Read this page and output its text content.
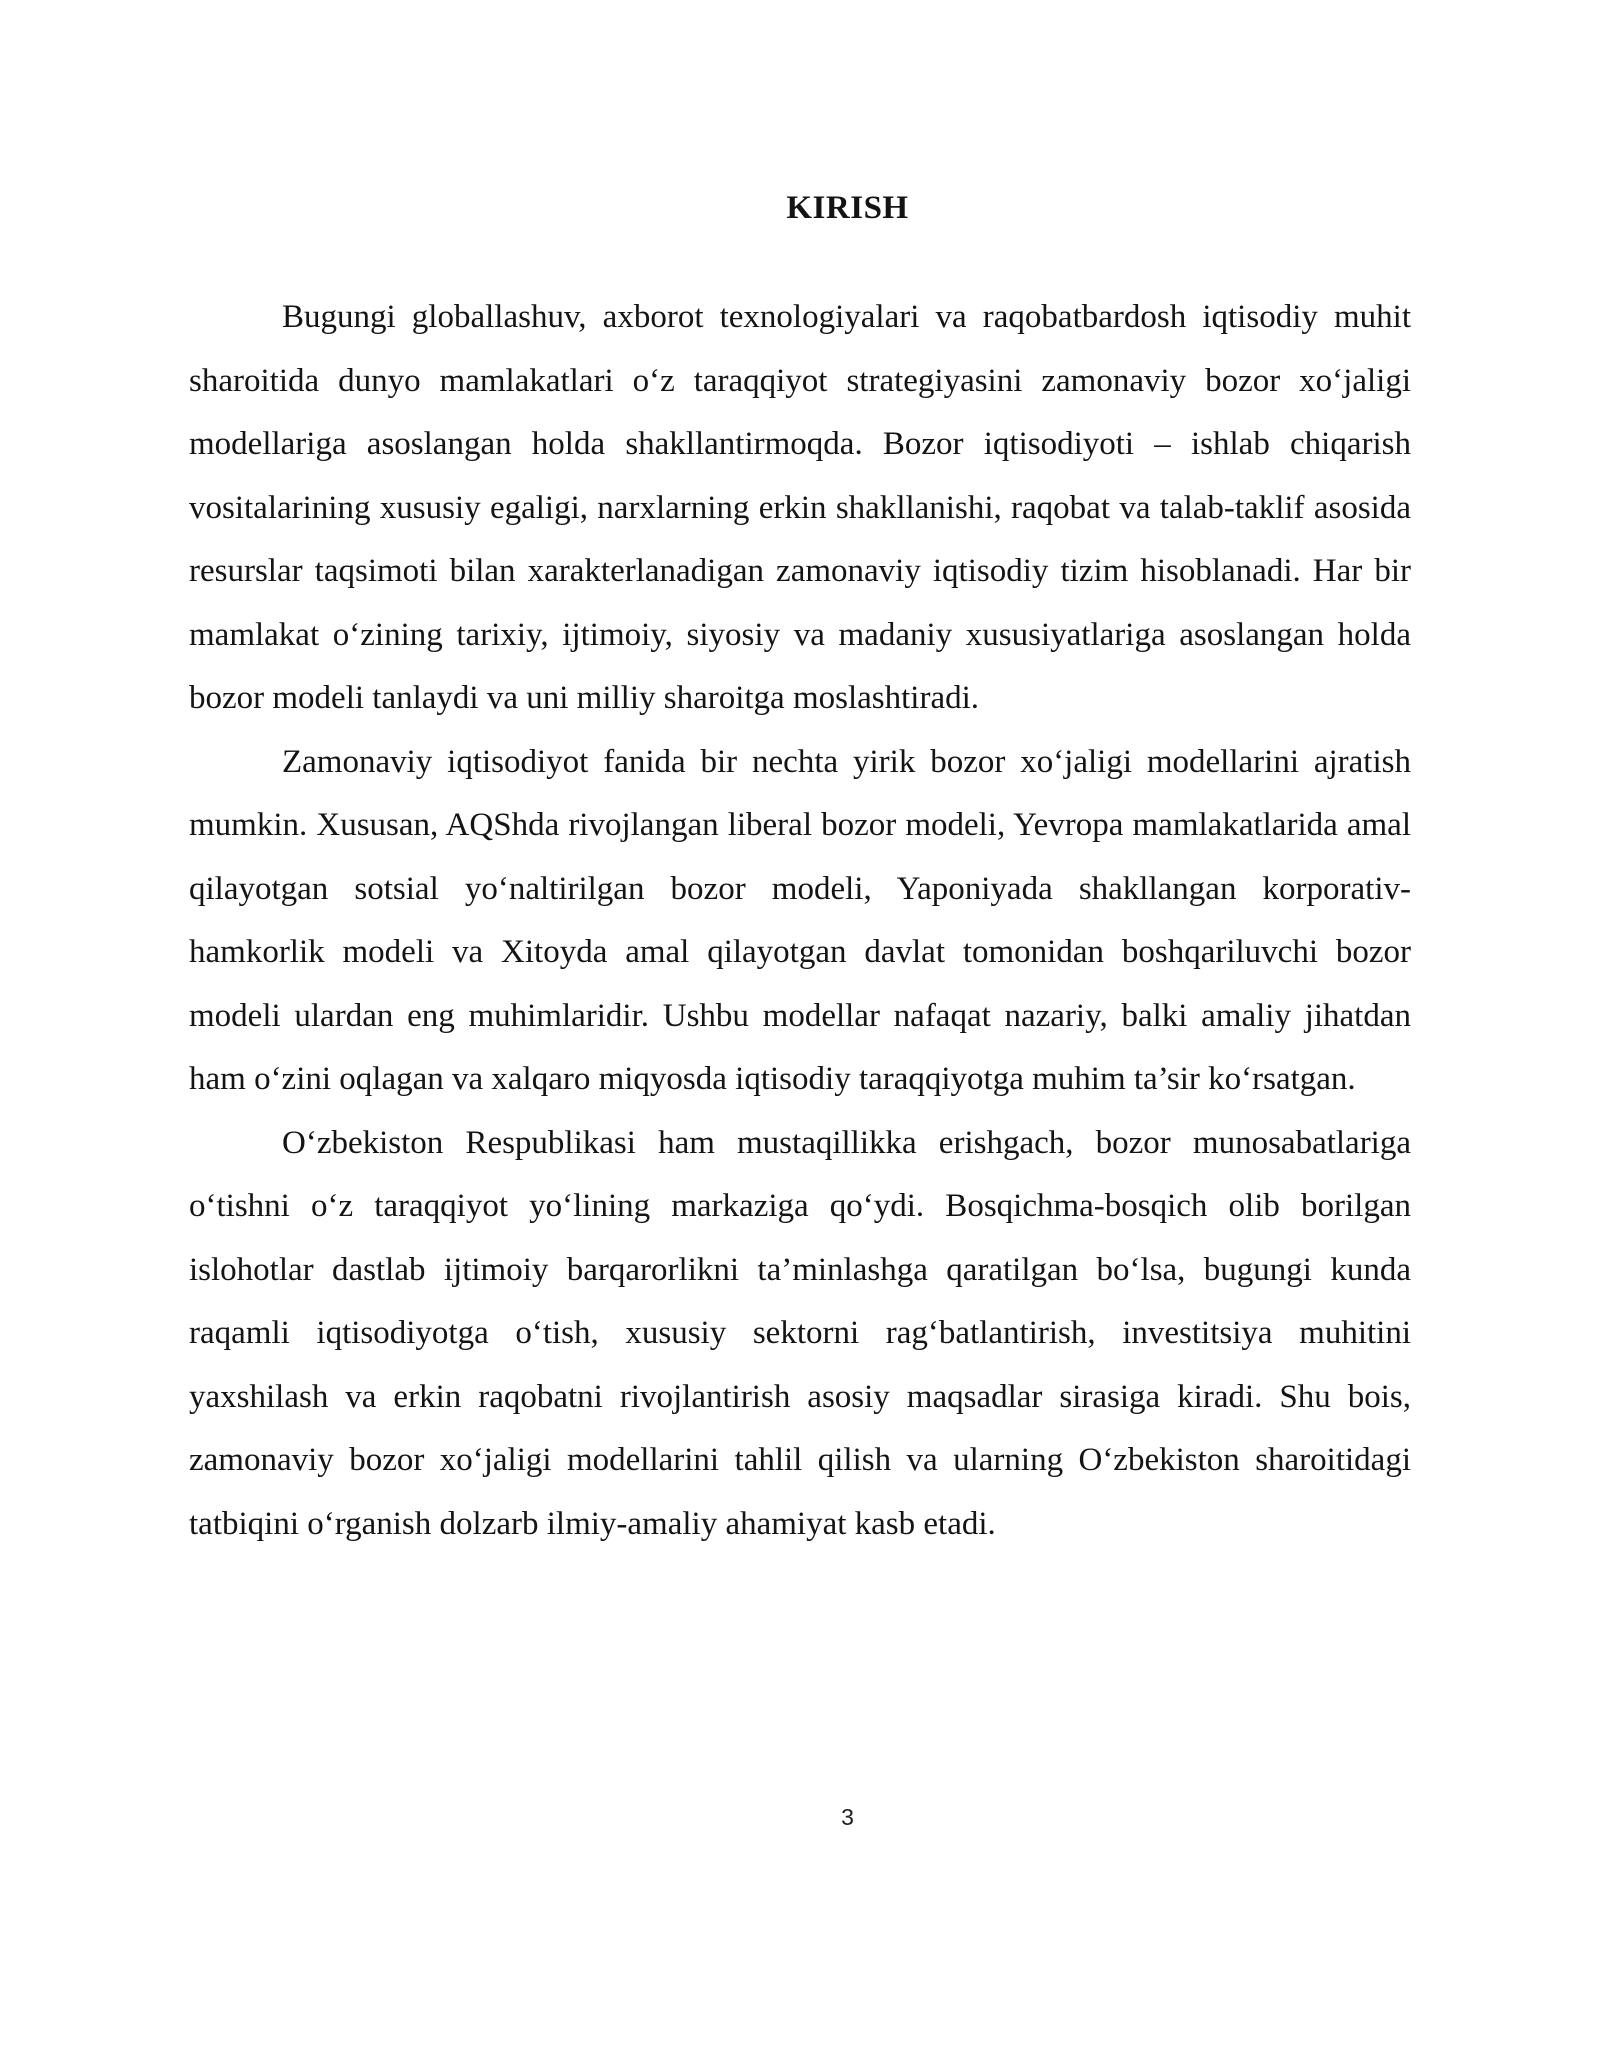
KIRISH

Bugungi globallashuv, axborot texnologiyalari va raqobatbardosh iqtisodiy muhit sharoitida dunyo mamlakatlari o‘z taraqqiyot strategiyasini zamonaviy bozor xo‘jaligi modellariga asoslangan holda shakllantirmoqda. Bozor iqtisodiyoti – ishlab chiqarish vositalarining xususiy egaligi, narxlarning erkin shakllanishi, raqobat va talab-taklif asosida resurslar taqsimoti bilan xarakterlanadigan zamonaviy iqtisodiy tizim hisoblanadi. Har bir mamlakat o‘zining tarixiy, ijtimoiy, siyosiy va madaniy xususiyatlariga asoslangan holda bozor modeli tanlaydi va uni milliy sharoitga moslashtiradi.

Zamonaviy iqtisodiyot fanida bir nechta yirik bozor xo‘jaligi modellarini ajratish mumkin. Xususan, AQShda rivojlangan liberal bozor modeli, Yevropa mamlakatlarida amal qilayotgan sotsial yo‘naltirilgan bozor modeli, Yaponiyada shakllangan korporativ-hamkorlik modeli va Xitoyda amal qilayotgan davlat tomonidan boshqariluvchi bozor modeli ulardan eng muhimlaridir. Ushbu modellar nafaqat nazariy, balki amaliy jihatdan ham o‘zini oqlagan va xalqaro miqyosda iqtisodiy taraqqiyotga muhim ta’sir ko‘rsatgan.

O‘zbekiston Respublikasi ham mustaqillikka erishgach, bozor munosabatlariga o‘tishni o‘z taraqqiyot yo‘lining markaziga qo‘ydi. Bosqichma-bosqich olib borilgan islohotlar dastlab ijtimoiy barqarorlikni ta’minlashga qaratilgan bo‘lsa, bugungi kunda raqamli iqtisodiyotga o‘tish, xususiy sektorni rag‘batlantirish, investitsiya muhitini yaxshilash va erkin raqobatni rivojlantirish asosiy maqsadlar sirasiga kiradi. Shu bois, zamonaviy bozor xo‘jaligi modellarini tahlil qilish va ularning O‘zbekiston sharoitidagi tatbiqini o‘rganish dolzarb ilmiy-amaliy ahamiyat kasb etadi.

3
